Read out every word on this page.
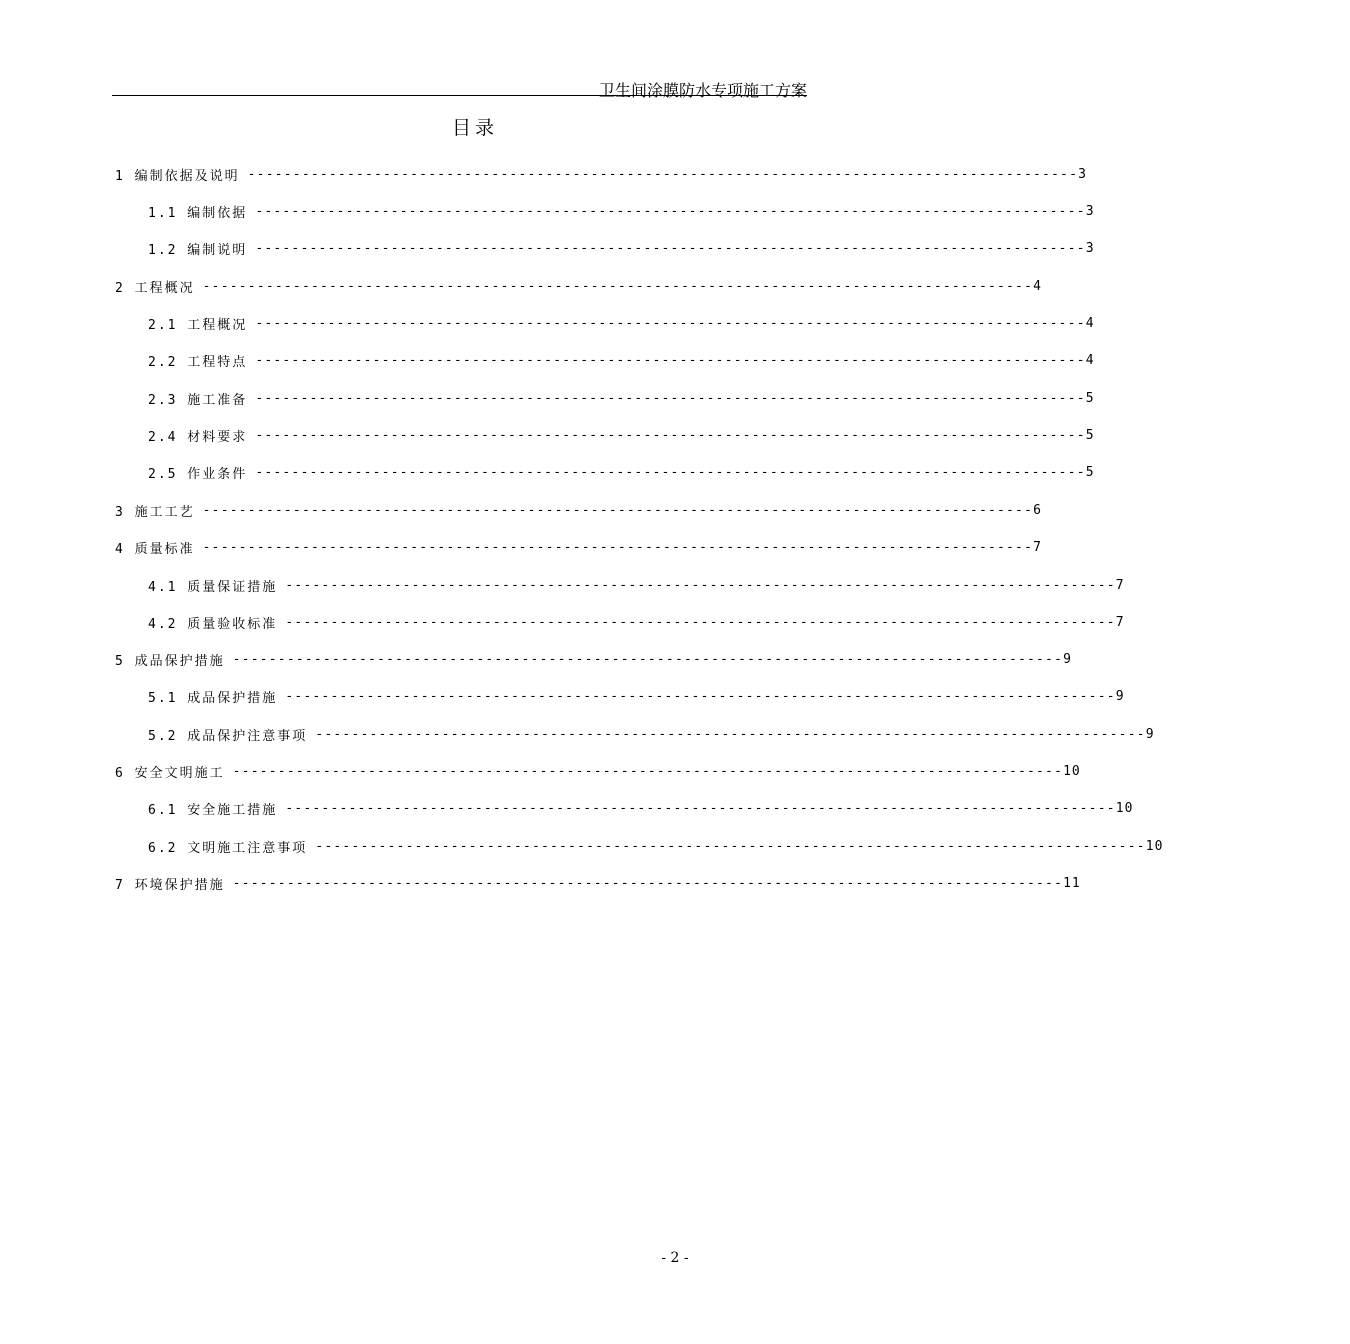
卫生间涂膜防水专项施工方案
目录
1 编制依据及说明 -------------------------------------------------------------------------------------------- 3
1.1 编制依据 -------------------------------------------------------------------------------------------- 3
1.2 编制说明 -------------------------------------------------------------------------------------------- 3
2 工程概况 -------------------------------------------------------------------------------------------- 4
2.1 工程概况 -------------------------------------------------------------------------------------------- 4
2.2 工程特点 -------------------------------------------------------------------------------------------- 4
2.3 施工准备 -------------------------------------------------------------------------------------------- 5
2.4 材料要求 -------------------------------------------------------------------------------------------- 5
2.5 作业条件 -------------------------------------------------------------------------------------------- 5
3 施工工艺 -------------------------------------------------------------------------------------------- 6
4 质量标准 -------------------------------------------------------------------------------------------- 7
4.1 质量保证措施 -------------------------------------------------------------------------------------------- 7
4.2 质量验收标准 -------------------------------------------------------------------------------------------- 7
5 成品保护措施 -------------------------------------------------------------------------------------------- 9
5.1 成品保护措施 -------------------------------------------------------------------------------------------- 9
5.2 成品保护注意事项 -------------------------------------------------------------------------------------------- 9
6 安全文明施工 -------------------------------------------------------------------------------------------- 10
6.1 安全施工措施 -------------------------------------------------------------------------------------------- 10
6.2 文明施工注意事项 -------------------------------------------------------------------------------------------- 10
7 环境保护措施 -------------------------------------------------------------------------------------------- 11
- 2 -
